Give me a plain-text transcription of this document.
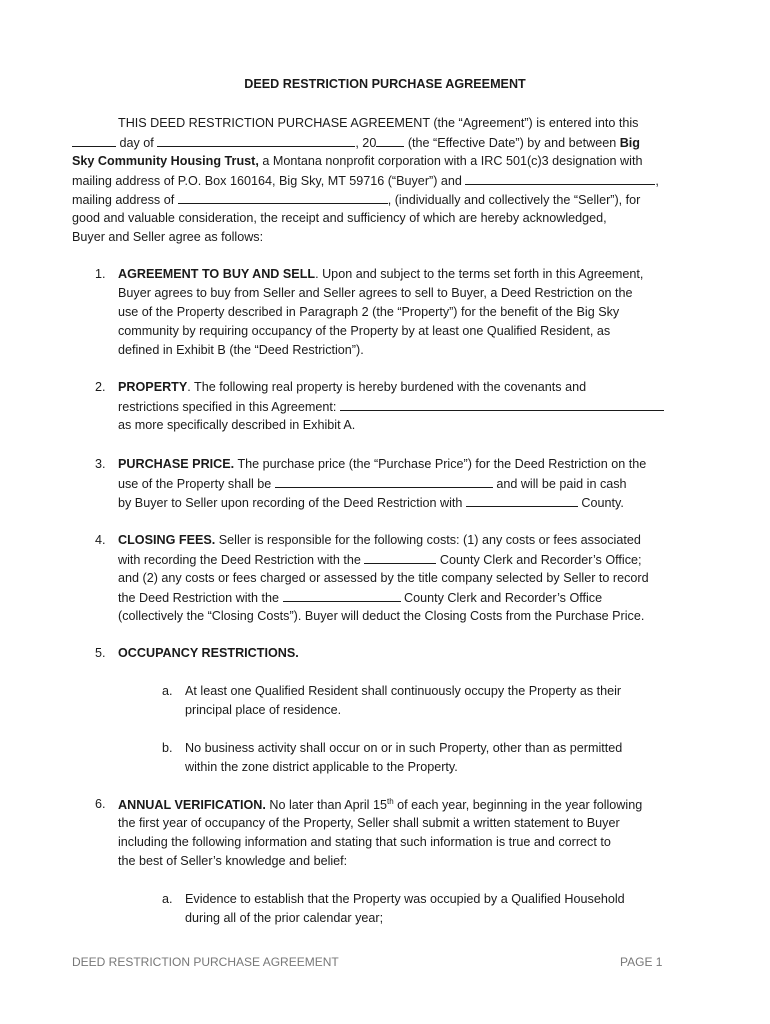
DEED RESTRICTION PURCHASE AGREEMENT
THIS DEED RESTRICTION PURCHASE AGREEMENT (the “Agreement”) is entered into this
day of	, 20	(the “Effective Date”) by and between Big
Sky Community Housing Trust, a Montana nonprofit corporation with a IRC 501(c)3 designation with
mailing address of P.O. Box 160164, Big Sky, MT 59716 (“Buyer”) and	,
mailing address of	, (individually and collectively the “Seller”), for
good and valuable consideration, the receipt and sufficiency of which are hereby acknowledged,
Buyer and Seller agree as follows:
1. AGREEMENT TO BUY AND SELL. Upon and subject to the terms set forth in this Agreement,
Buyer agrees to buy from Seller and Seller agrees to sell to Buyer, a Deed Restriction on the
use of the Property described in Paragraph 2 (the “Property”) for the benefit of the Big Sky
community by requiring occupancy of the Property by at least one Qualified Resident, as
defined in Exhibit B (the “Deed Restriction”).
2. PROPERTY. The following real property is hereby burdened with the covenants and
restrictions specified in this Agreement:
as more specifically described in Exhibit A.
3. PURCHASE PRICE. The purchase price (the “Purchase Price”) for the Deed Restriction on the
use of the Property shall be	and will be paid in cash
by Buyer to Seller upon recording of the Deed Restriction with	County.
4. CLOSING FEES. Seller is responsible for the following costs: (1) any costs or fees associated
with recording the Deed Restriction with the	County Clerk and Recorder’s Office;
and (2) any costs or fees charged or assessed by the title company selected by Seller to record
the Deed Restriction with the	County Clerk and Recorder’s Office
(collectively the “Closing Costs”). Buyer will deduct the Closing Costs from the Purchase Price.
5. OCCUPANCY RESTRICTIONS.
a. At least one Qualified Resident shall continuously occupy the Property as their
principal place of residence.
b. No business activity shall occur on or in such Property, other than as permitted
within the zone district applicable to the Property.
6. ANNUAL VERIFICATION. No later than April 15th of each year, beginning in the year following
the first year of occupancy of the Property, Seller shall submit a written statement to Buyer
including the following information and stating that such information is true and correct to
the best of Seller’s knowledge and belief:
a. Evidence to establish that the Property was occupied by a Qualified Household
during all of the prior calendar year;
DEED RESTRICTION PURCHASE AGREEMENT	PAGE 1
